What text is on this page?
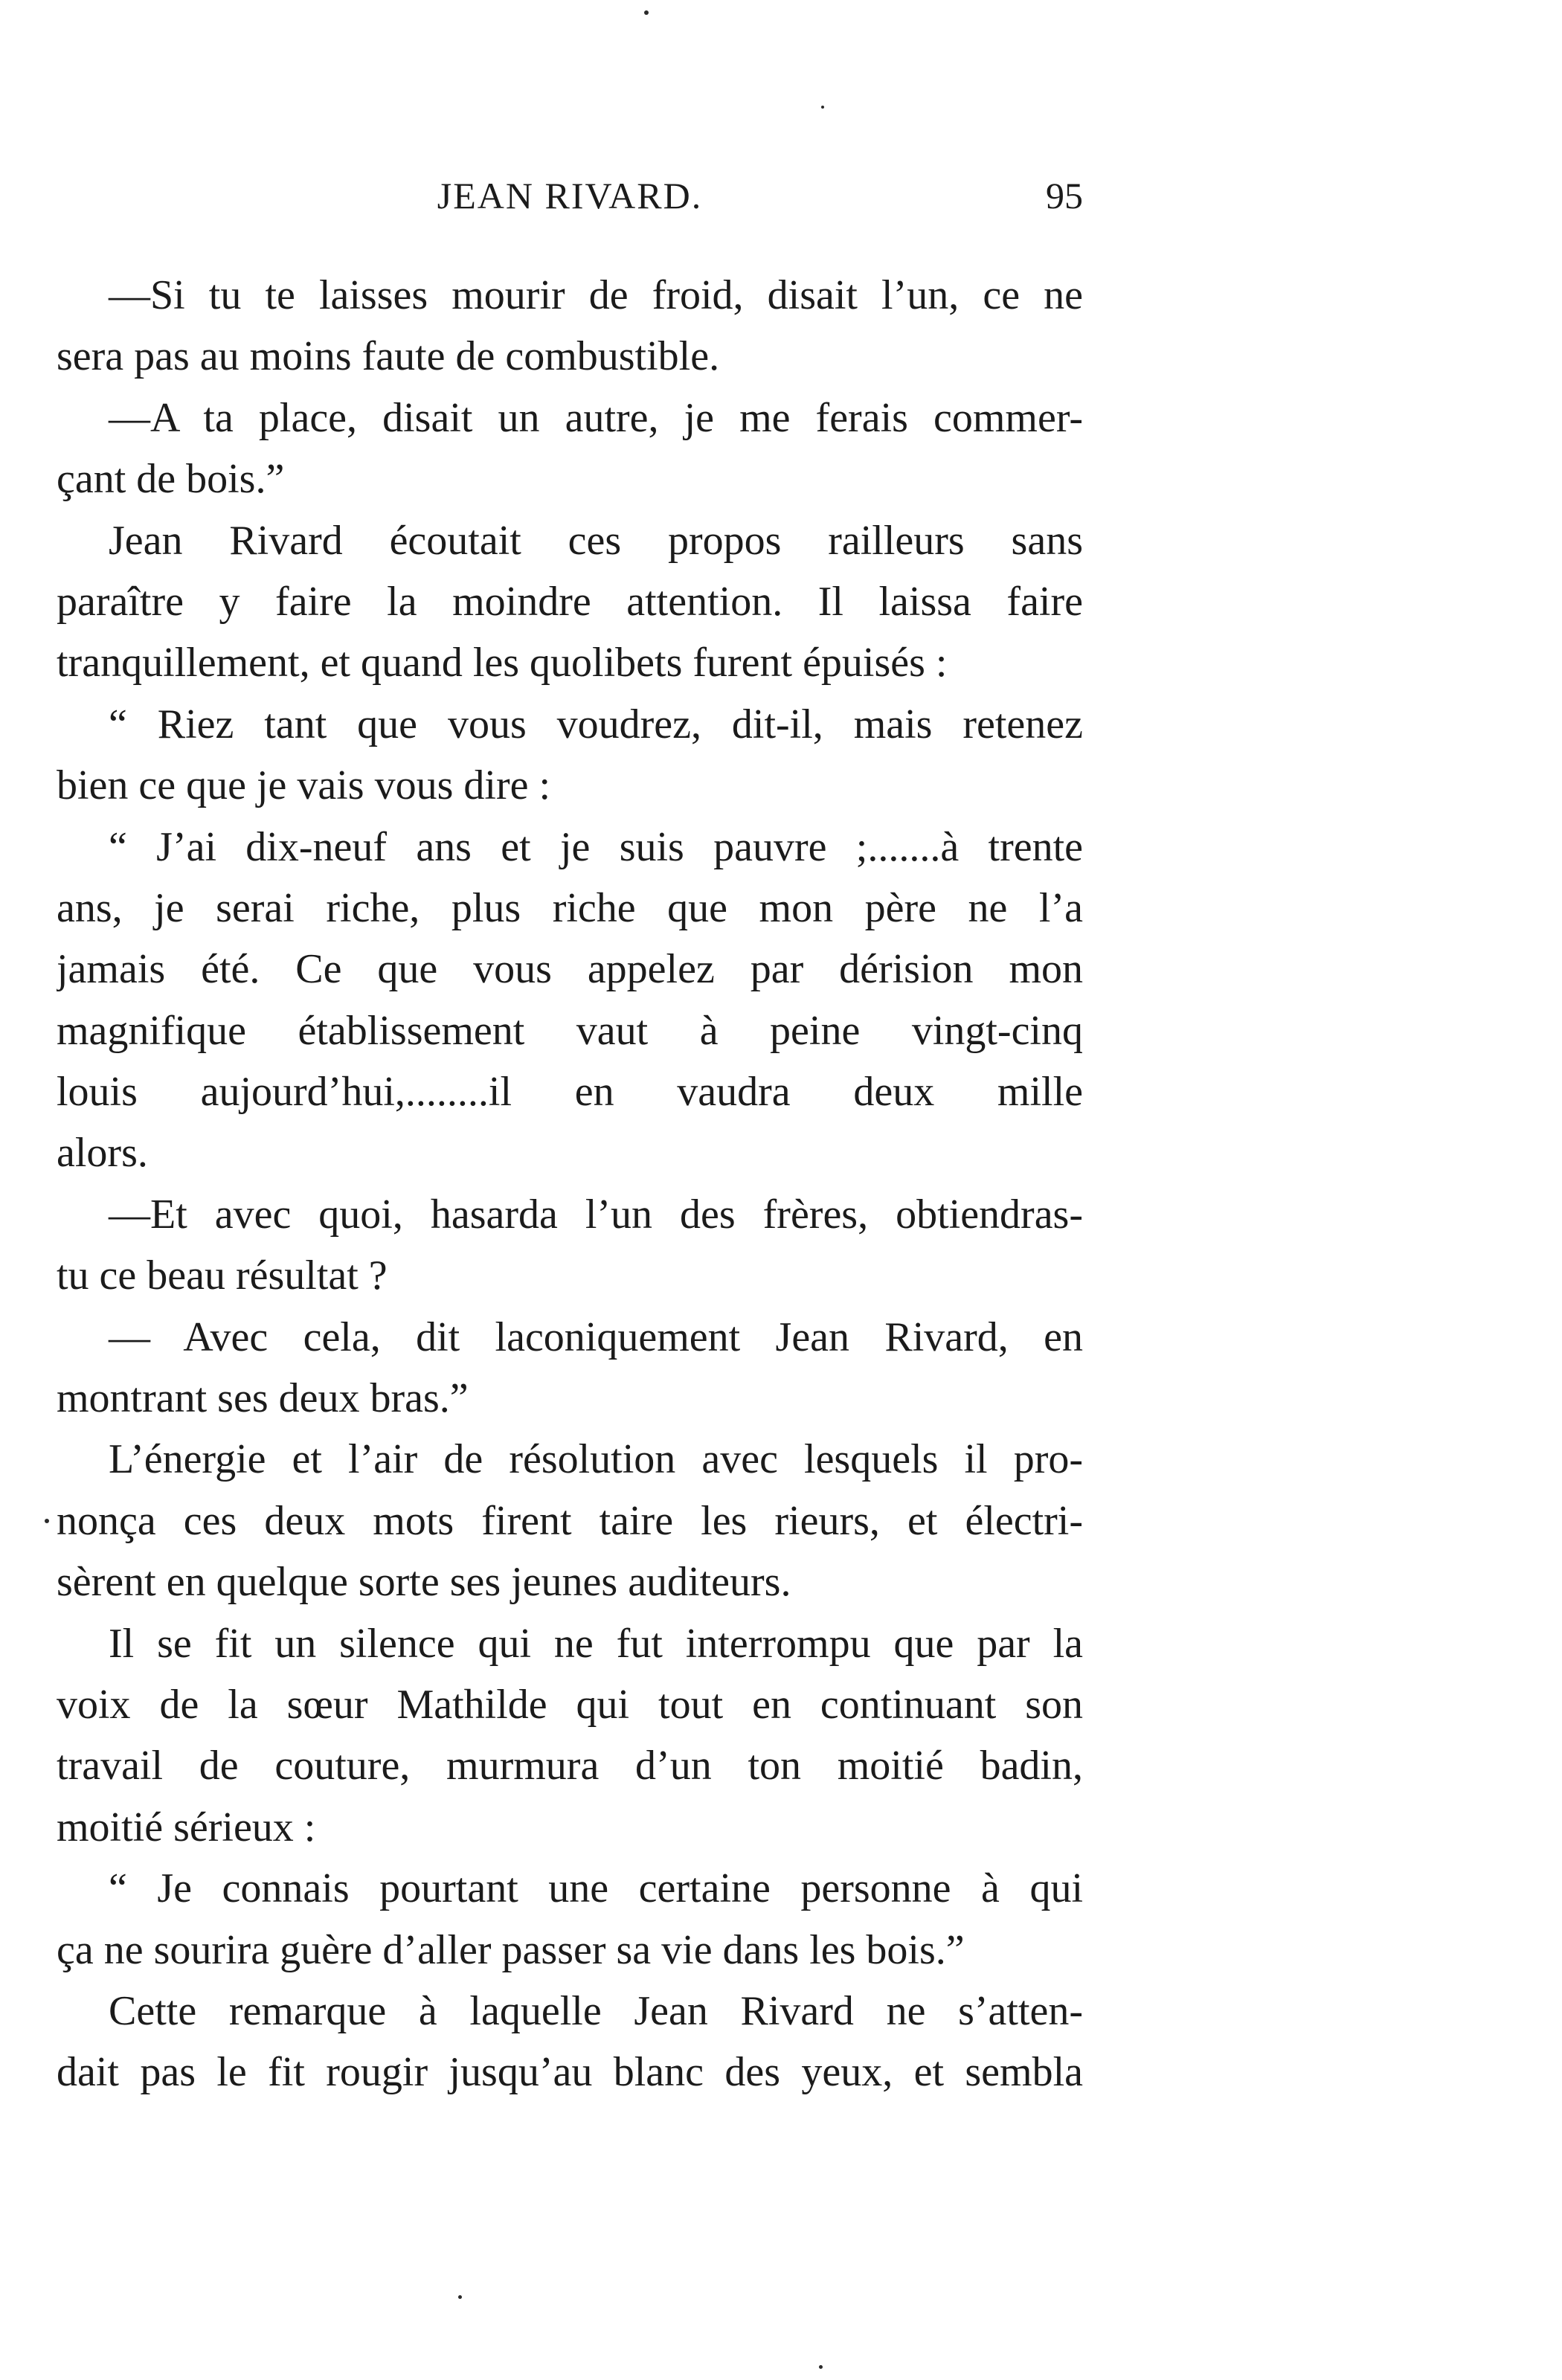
JEAN RIVARD.	95
—Si tu te laisses mourir de froid, disait l’un, ce ne
sera pas au moins faute de combustible.
—A ta place, disait un autre, je me ferais commer-
çant de bois.”
Jean Rivard écoutait ces propos railleurs sans
paraître y faire la moindre attention. Il laissa faire
tranquillement, et quand les quolibets furent épuisés :
“ Riez tant que vous voudrez, dit-il, mais retenez
bien ce que je vais vous dire :
“ J’ai dix-neuf ans et je suis pauvre ;.......à trente
ans, je serai riche, plus riche que mon père ne l’a
jamais été. Ce que vous appelez par dérision mon
magnifique établissement vaut à peine vingt-cinq
louis aujourd’hui,........il en vaudra deux mille
alors.
—Et avec quoi, hasarda l’un des frères, obtiendras-
tu ce beau résultat ?
— Avec cela, dit laconiquement Jean Rivard, en
montrant ses deux bras.”
L’énergie et l’air de résolution avec lesquels il pro-
nonça ces deux mots firent taire les rieurs, et électri-
sèrent en quelque sorte ses jeunes auditeurs.
Il se fit un silence qui ne fut interrompu que par la
voix de la sœur Mathilde qui tout en continuant son
travail de couture, murmura d’un ton moitié badin,
moitié sérieux :
“ Je connais pourtant une certaine personne à qui
ça ne sourira guère d’aller passer sa vie dans les bois.”
Cette remarque à laquelle Jean Rivard ne s’atten-
dait pas le fit rougir jusqu’au blanc des yeux, et sembla
